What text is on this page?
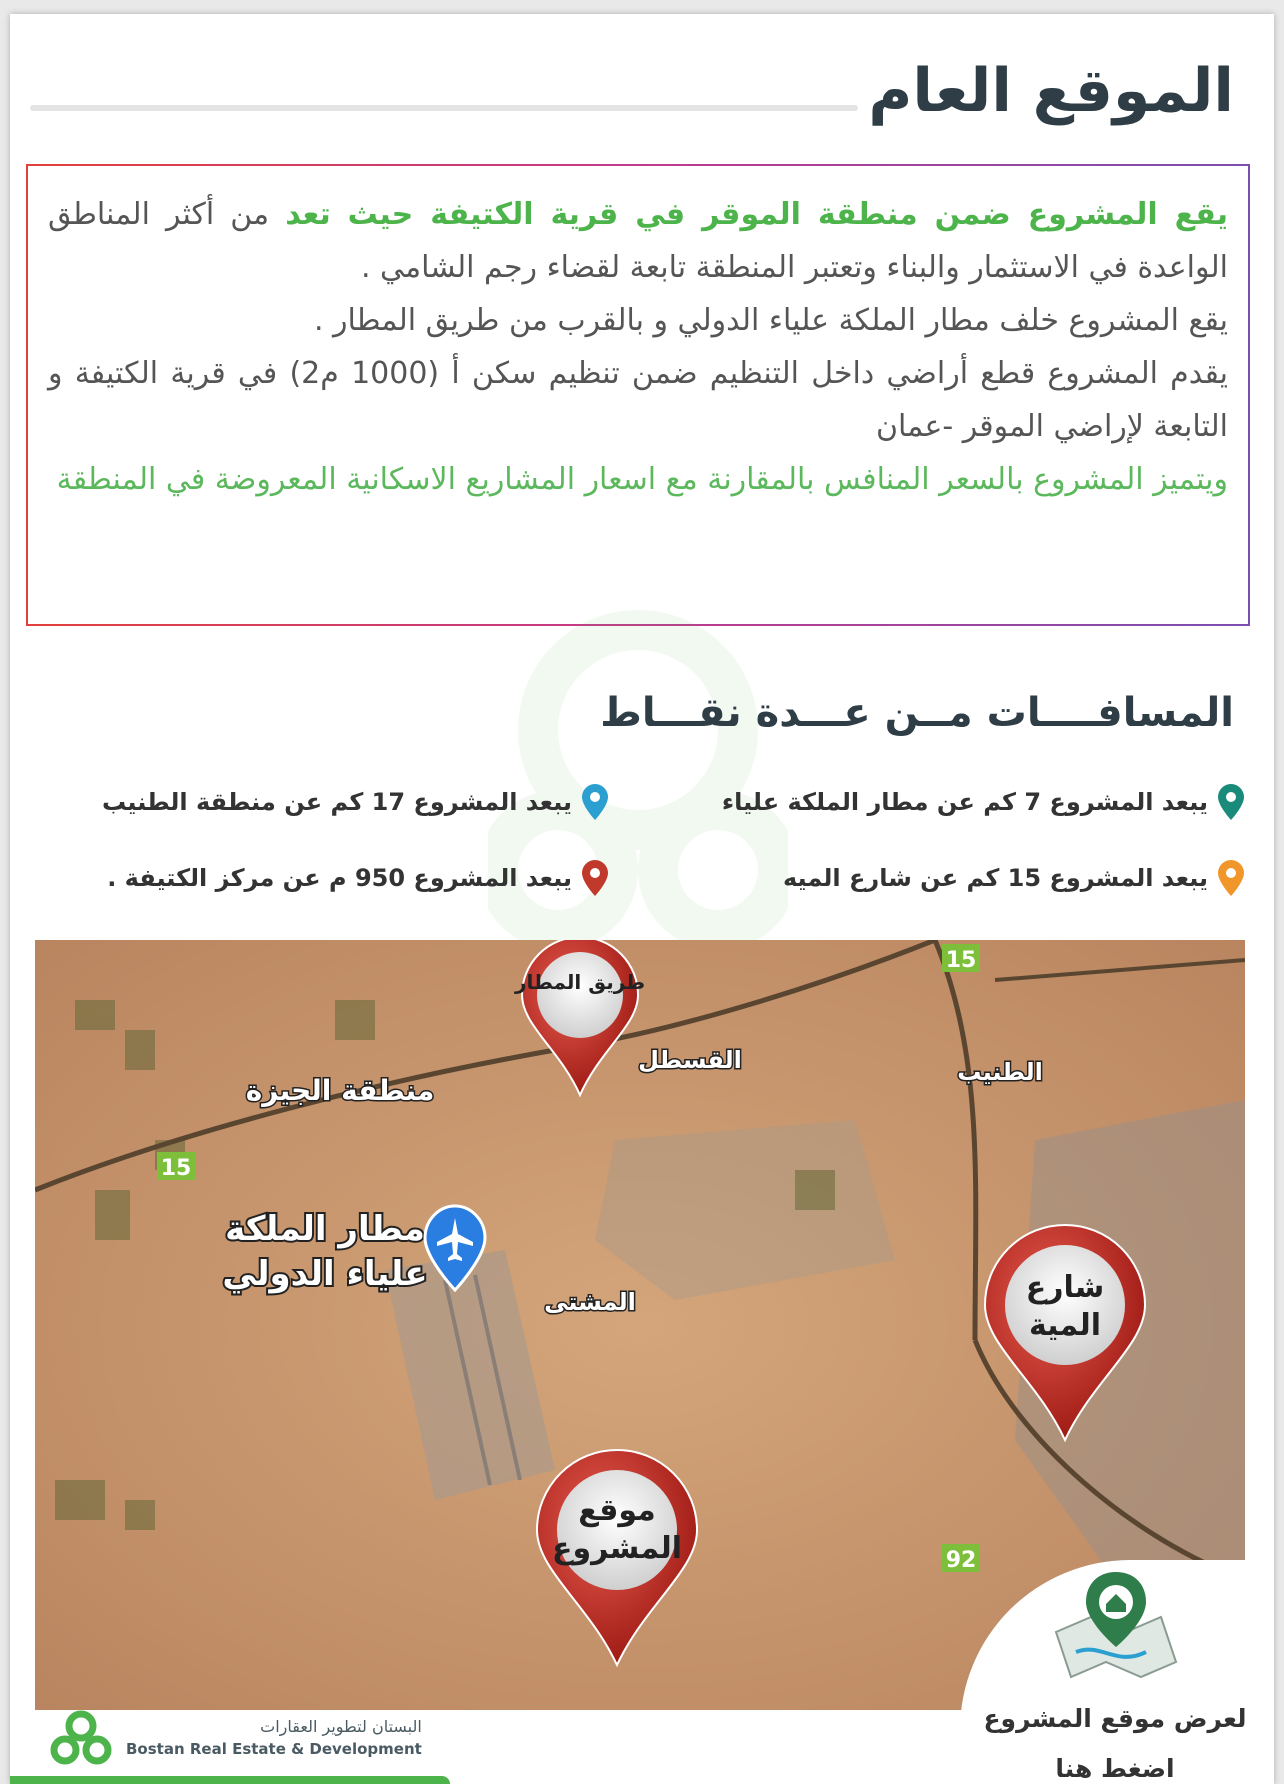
الموقع العام

يقع المشروع ضمن منطقة الموقر في قرية الكتيفة حيث تعد من أكثر المناطق الواعدة في الاستثمار والبناء وتعتبر المنطقة تابعة لقضاء رجم الشامي .
يقع المشروع خلف مطار الملكة علياء الدولي و بالقرب من طريق المطار .
يقدم المشروع قطع أراضي داخل التنظيم ضمن تنظيم سكن أ (1000 م2) في قرية الكتيفة و التابعة لإراضي الموقر -عمان
ويتميز المشروع بالسعر المنافس بالمقارنة مع اسعار المشاريع الاسكانية المعروضة في المنطقة

المسافــــات مــن عـــدة نقـــاط
يبعد المشروع 7 كم عن مطار الملكة علياء
يبعد المشروع 17 كم عن منطقة الطنيب
يبعد المشروع 15 كم عن شارع الميه
يبعد المشروع 950 م عن مركز الكتيفة .
15
15
92
القسطل	الطنيب
منطقة الجيزة
مطار الملكة
علياء الدولي
المشتى
طريق المطار
شارع
المية
موقع
المشروع
لعرض موقع المشروع
اضغط هنا
البستان لتطوير العقارات
Bostan Real Estate & Development
